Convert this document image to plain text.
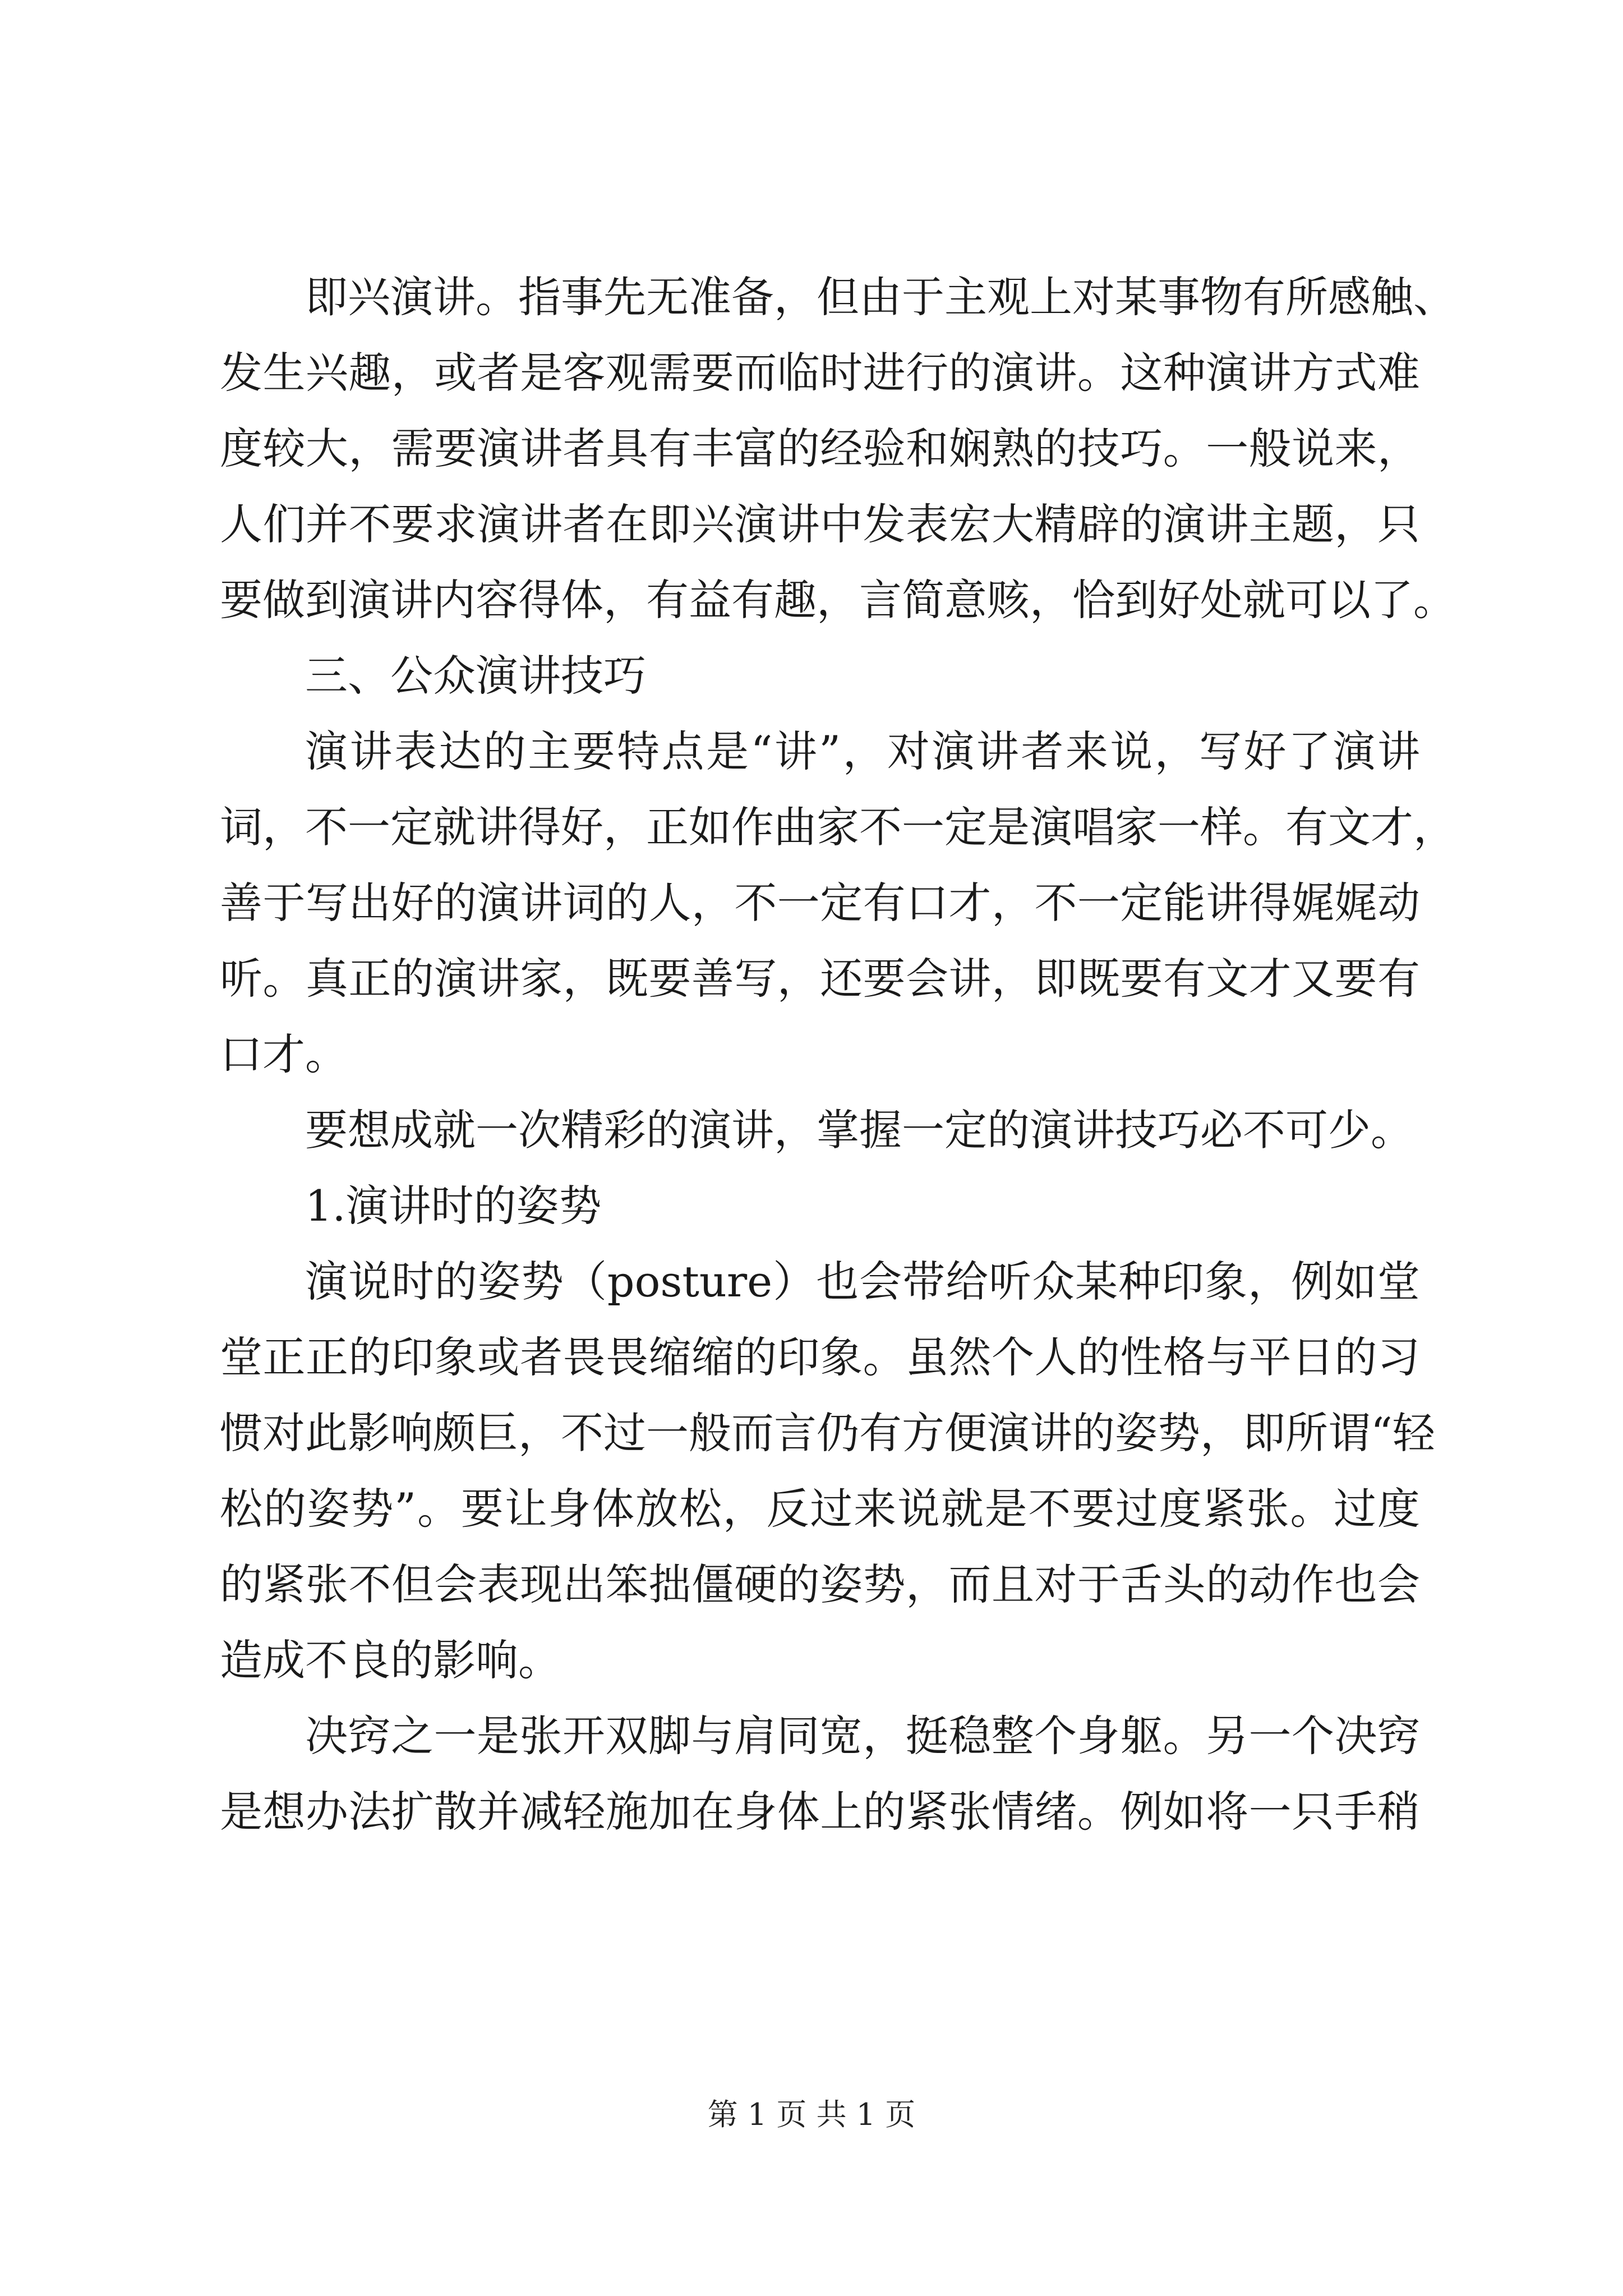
即兴演讲。指事先无准备，但由于主观上对某事物有所感触、
发生兴趣，或者是客观需要而临时进行的演讲。这种演讲方式难
度较大，需要演讲者具有丰富的经验和娴熟的技巧。一般说来，
人们并不要求演讲者在即兴演讲中发表宏大精辟的演讲主题，只
要做到演讲内容得体，有益有趣，言简意赅，恰到好处就可以了。
三、公众演讲技巧
演讲表达的主要特点是“讲”，对演讲者来说，写好了演讲
词，不一定就讲得好，正如作曲家不一定是演唱家一样。有文才，
善于写出好的演讲词的人，不一定有口才，不一定能讲得娓娓动
听。真正的演讲家，既要善写，还要会讲，即既要有文才又要有
口才。
要想成就一次精彩的演讲，掌握一定的演讲技巧必不可少。
1.演讲时的姿势
演说时的姿势（posture）也会带给听众某种印象，例如堂
堂正正的印象或者畏畏缩缩的印象。虽然个人的性格与平日的习
惯对此影响颇巨，不过一般而言仍有方便演讲的姿势，即所谓“轻
松的姿势”。要让身体放松，反过来说就是不要过度紧张。过度
的紧张不但会表现出笨拙僵硬的姿势，而且对于舌头的动作也会
造成不良的影响。
决窍之一是张开双脚与肩同宽，挺稳整个身躯。另一个决窍
是想办法扩散并减轻施加在身体上的紧张情绪。例如将一只手稍
第 1 页 共 1 页
